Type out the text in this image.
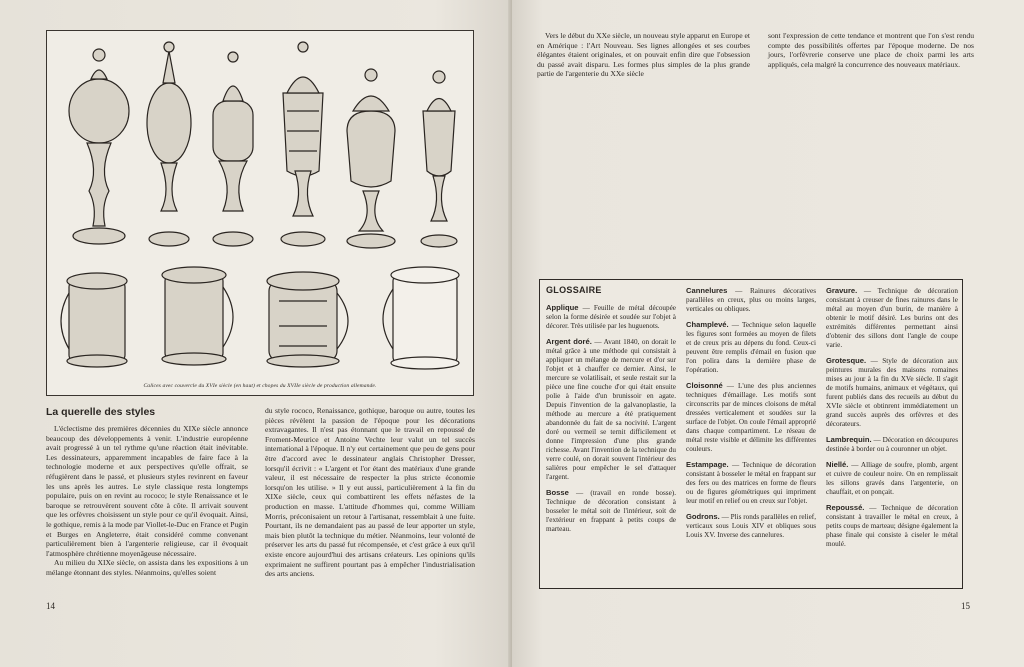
Calices avec couvercle du XVIe siècle (en haut) et chopes du XVIIe siècle de production allemande.
La querelle des styles

L'éclectisme des premières décennies du XIXe siècle annonce beaucoup des développements à venir. L'industrie européenne avait progressé à un tel rythme qu'une réaction était inévitable. Les dessinateurs, apparemment incapables de faire face à la technologie moderne et aux perspectives qu'elle offrait, se réfugièrent dans le passé, et plusieurs styles revinrent en faveur les uns après les autres. Le style classique resta longtemps populaire, puis on en revint au rococo; le style Renaissance et le baroque se retrouvèrent souvent côte à côte. Il arrivait souvent que les orfèvres choisissent un style pour ce qu'il évoquait. Ainsi, le gothique, remis à la mode par Viollet-le-Duc en France et Pugin et Burges en Angleterre, était considéré comme convenant particulièrement bien à l'argenterie religieuse, car il évoquait l'atmosphère chrétienne moyenâgeuse nécessaire.

Au milieu du XIXe siècle, on assista dans les expositions à un mélange étonnant des styles. Néanmoins, qu'elles soient

du style rococo, Renaissance, gothique, baroque ou autre, toutes les pièces révèlent la passion de l'époque pour les décorations extravagantes. Il n'est pas étonnant que le travail en repoussé de Froment-Meurice et Antoine Vechte leur valut un tel succès international à l'époque. Il n'y eut certainement que peu de gens pour être d'accord avec le dessinateur anglais Christopher Dresser, lorsqu'il écrivit : « L'argent et l'or étant des matériaux d'une grande valeur, il est nécessaire de respecter la plus stricte économie lorsqu'on les utilise. » Il y eut aussi, particulièrement à la fin du XIXe siècle, ceux qui combattirent les effets néfastes de la production en masse. L'attitude d'hommes qui, comme William Morris, préconisaient un retour à l'artisanat, ressemblait à une fuite. Pourtant, ils ne demandaient pas au passé de leur apporter un style, mais bien plutôt la technique du métier. Néanmoins, leur volonté de préserver les arts du passé fut récompensée, et c'est grâce à eux qu'il existe encore aujourd'hui des artisans créateurs. Les opinions qu'ils exprimaient ne suffirent pourtant pas à empêcher l'industrialisation des arts anciens.

14

Vers le début du XXe siècle, un nouveau style apparut en Europe et en Amérique : l'Art Nouveau. Ses lignes allongées et ses courbes élégantes étaient originales, et on pouvait enfin dire que l'obsession du passé avait disparu. Les formes plus simples de la plus grande partie de l'argenterie du XXe siècle

sont l'expression de cette tendance et montrent que l'on s'est rendu compte des possibilités offertes par l'époque moderne. De nos jours, l'orfèvrerie conserve une place de choix parmi les arts appliqués, cela malgré la concurrence des nouveaux matériaux.

GLOSSAIRE
Applique — Feuille de métal découpée selon la forme désirée et soudée sur l'objet à décorer. Très utilisée par les huguenots.
Argent doré. — Avant 1840, on dorait le métal grâce à une méthode qui consistait à appliquer un mélange de mercure et d'or sur l'objet et à chauffer ce dernier. Ainsi, le mercure se volatilisait, et seule restait sur la pièce une fine couche d'or qui était ensuite polie à l'aide d'un brunissoir en agate. Depuis l'invention de la galvanoplastie, la méthode au mercure a été pratiquement abandonnée du fait de sa nocivité. L'argent doré ou vermeil se ternit difficilement et donne l'impression d'une plus grande richesse. Avant l'invention de la technique du verre coulé, on dorait souvent l'intérieur des salières pour empêcher le sel d'attaquer l'argent.
Bosse — (travail en ronde bosse). Technique de décoration consistant à bosseler le métal soit de l'intérieur, soit de l'extérieur en frappant à petits coups de marteau.
Cannelures — Rainures décoratives parallèles en creux, plus ou moins larges, verticales ou obliques.
Champlevé. — Technique selon laquelle les figures sont formées au moyen de filets et de creux pris au dépens du fond. Ceux-ci peuvent être remplis d'émail en fusion que l'on polira dans la dernière phase de l'opération.
Cloisonné — L'une des plus anciennes techniques d'émaillage. Les motifs sont circonscrits par de minces cloisons de métal dressées verticalement et soudées sur la surface de l'objet. On coule l'émail approprié dans chaque compartiment. Le réseau de métal reste visible et délimite les différentes couleurs.
Estampage. — Technique de décoration consistant à bosseler le métal en frappant sur des fers ou des matrices en forme de fleurs ou de figures géométriques qui impriment leur motif en relief ou en creux sur l'objet.
Godrons. — Plis ronds parallèles en relief, verticaux sous Louis XIV et obliques sous Louis XV. Inverse des cannelures.
Gravure. — Technique de décoration consistant à creuser de fines rainures dans le métal au moyen d'un burin, de manière à obtenir le motif désiré. Les burins ont des extrémités différentes permettant ainsi d'obtenir des sillons dont l'angle de coupe varie.
Grotesque. — Style de décoration aux peintures murales des maisons romaines mises au jour à la fin du XVe siècle. Il s'agit de motifs humains, animaux et végétaux, qui furent publiés dans des recueils au début du XVIe siècle et obtinrent immédiatement un grand succès auprès des orfèvres et des décorateurs.
Lambrequin. — Décoration en découpures destinée à border ou à couronner un objet.
Niellé. — Alliage de soufre, plomb, argent et cuivre de couleur noire. On en remplissait les sillons gravés dans l'argenterie, on chauffait, et on ponçait.
Repoussé. — Technique de décoration consistant à travailler le métal en creux, à petits coups de marteau; désigne également la phase finale qui consiste à ciseler le métal moulé.
15
